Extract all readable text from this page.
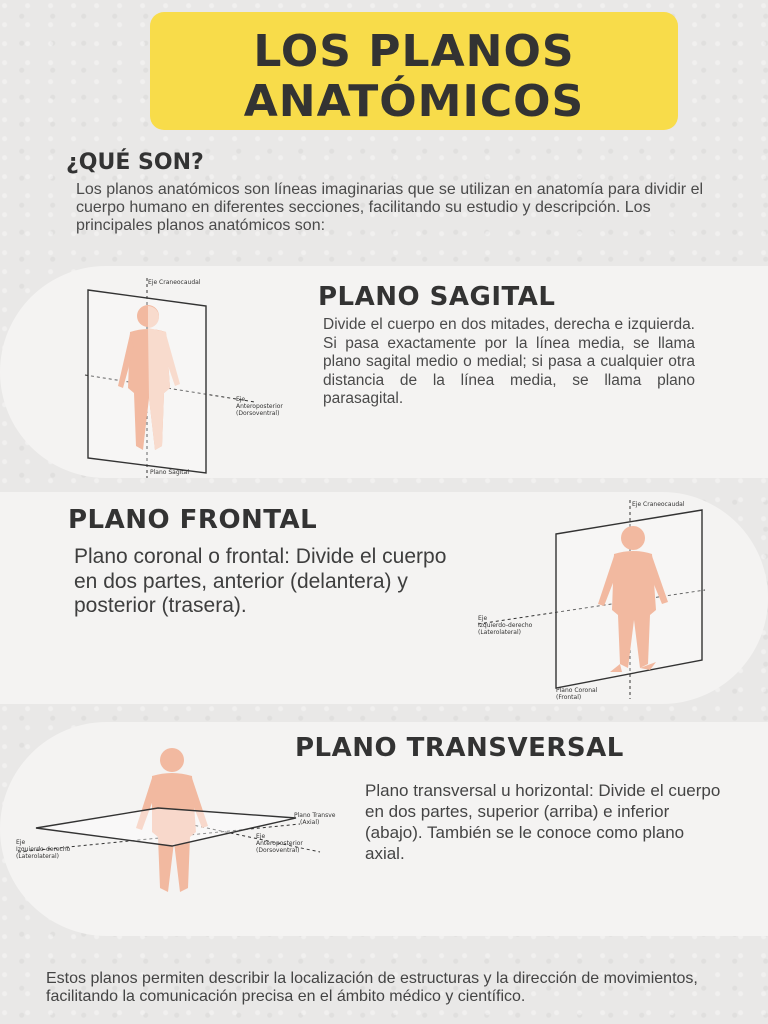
LOS PLANOS
ANATÓMICOS
¿QUÉ SON?
Los planos anatómicos son líneas imaginarias que se utilizan en anatomía para dividir el cuerpo humano en diferentes secciones, facilitando su estudio y descripción. Los principales planos anatómicos son:
Eje Craneocaudal
Eje
Anteroposterior
(Dorsoventral)
Plano Sagital
PLANO SAGITAL
Divide el cuerpo en dos mitades, derecha e izquierda. Si pasa exactamente por la línea media, se llama plano sagital medio o medial; si pasa a cualquier otra distancia de la línea media, se llama plano parasagital.
PLANO FRONTAL
Plano coronal o frontal: Divide el cuerpo en dos partes, anterior (delantera) y posterior (trasera).
Eje Craneocaudal
Eje
Izquierdo-derecho
(Laterolateral)
Plano Coronal
(Frontal)
Plano Transve
(Axial)
Eje
Anteroposterior
(Dorsoventral)
Eje
Izquierdo-derecho
(Laterolateral)
PLANO TRANSVERSAL
Plano transversal u horizontal: Divide el cuerpo en dos partes, superior (arriba) e inferior (abajo). También se le conoce como plano axial.
Estos planos permiten describir la localización de estructuras y la dirección de movimientos, facilitando la comunicación precisa en el ámbito médico y científico.
